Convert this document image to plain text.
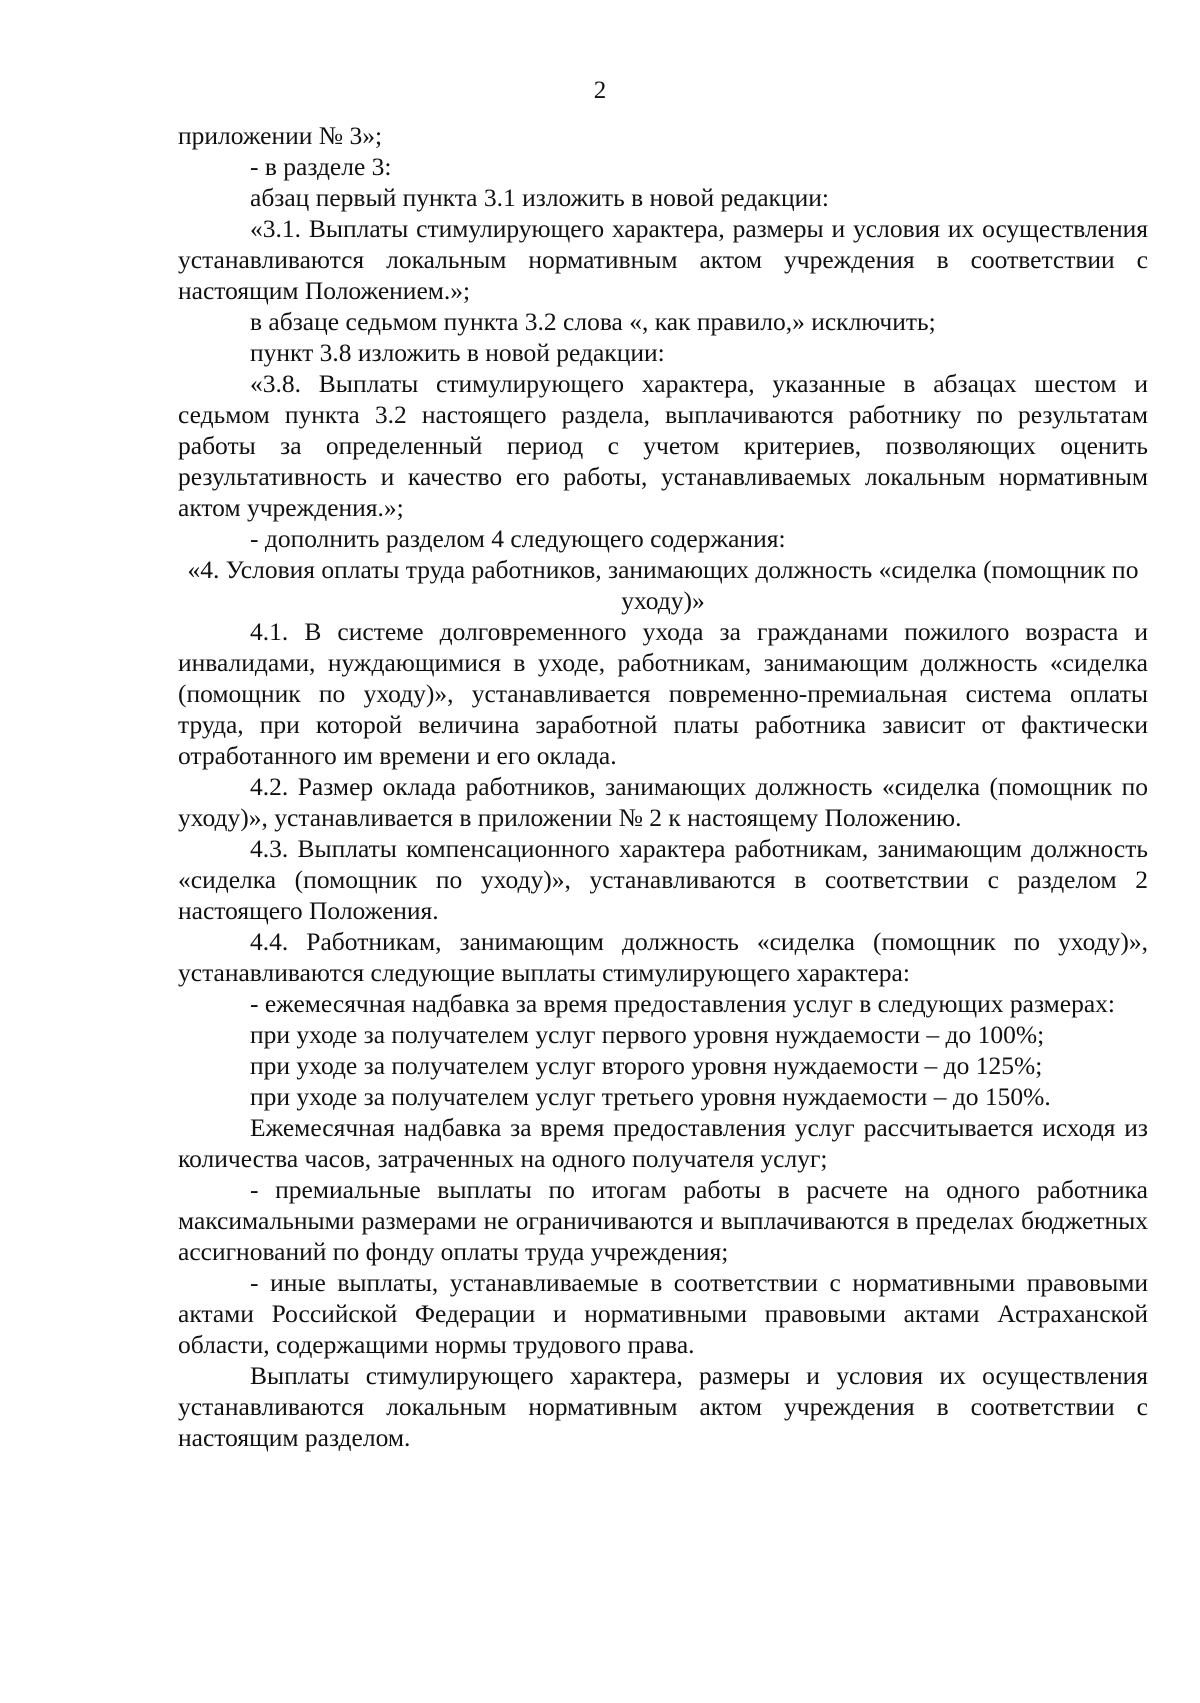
2

приложении № 3»;

- в разделе 3:

абзац первый пункта 3.1 изложить в новой редакции:

«3.1. Выплаты стимулирующего характера, размеры и условия их осуществления устанавливаются локальным нормативным актом учреждения в соответствии с настоящим Положением.»;

в абзаце седьмом пункта 3.2 слова «, как правило,» исключить;

пункт 3.8 изложить в новой редакции:

«3.8. Выплаты стимулирующего характера, указанные в абзацах шестом и седьмом пункта 3.2 настоящего раздела, выплачиваются работнику по результатам работы за определенный период с учетом критериев, позволяющих оценить результативность и качество его работы, устанавливаемых локальным нормативным актом учреждения.»;

- дополнить разделом 4 следующего содержания:

«4. Условия оплаты труда работников, занимающих должность «сиделка (помощник по уходу)»

4.1. В системе долговременного ухода за гражданами пожилого возраста и инвалидами, нуждающимися в уходе, работникам, занимающим должность «сиделка (помощник по уходу)», устанавливается повременно-премиальная система оплаты труда, при которой величина заработной платы работника зависит от фактически отработанного им времени и его оклада.

4.2. Размер оклада работников, занимающих должность «сиделка (помощник по уходу)», устанавливается в приложении № 2 к настоящему Положению.

4.3. Выплаты компенсационного характера работникам, занимающим должность «сиделка (помощник по уходу)», устанавливаются в соответствии с разделом 2 настоящего Положения.

4.4. Работникам, занимающим должность «сиделка (помощник по уходу)», устанавливаются следующие выплаты стимулирующего характера:

- ежемесячная надбавка за время предоставления услуг в следующих размерах:

при уходе за получателем услуг первого уровня нуждаемости – до 100%;

при уходе за получателем услуг второго уровня нуждаемости – до 125%;

при уходе за получателем услуг третьего уровня нуждаемости – до 150%.

Ежемесячная надбавка за время предоставления услуг рассчитывается исходя из количества часов, затраченных на одного получателя услуг;

- премиальные выплаты по итогам работы в расчете на одного работника максимальными размерами не ограничиваются и выплачиваются в пределах бюджетных ассигнований по фонду оплаты труда учреждения;

- иные выплаты, устанавливаемые в соответствии с нормативными правовыми актами Российской Федерации и нормативными правовыми актами Астраханской области, содержащими нормы трудового права.

Выплаты стимулирующего характера, размеры и условия их осуществления устанавливаются локальным нормативным актом учреждения в соответствии с настоящим разделом.
